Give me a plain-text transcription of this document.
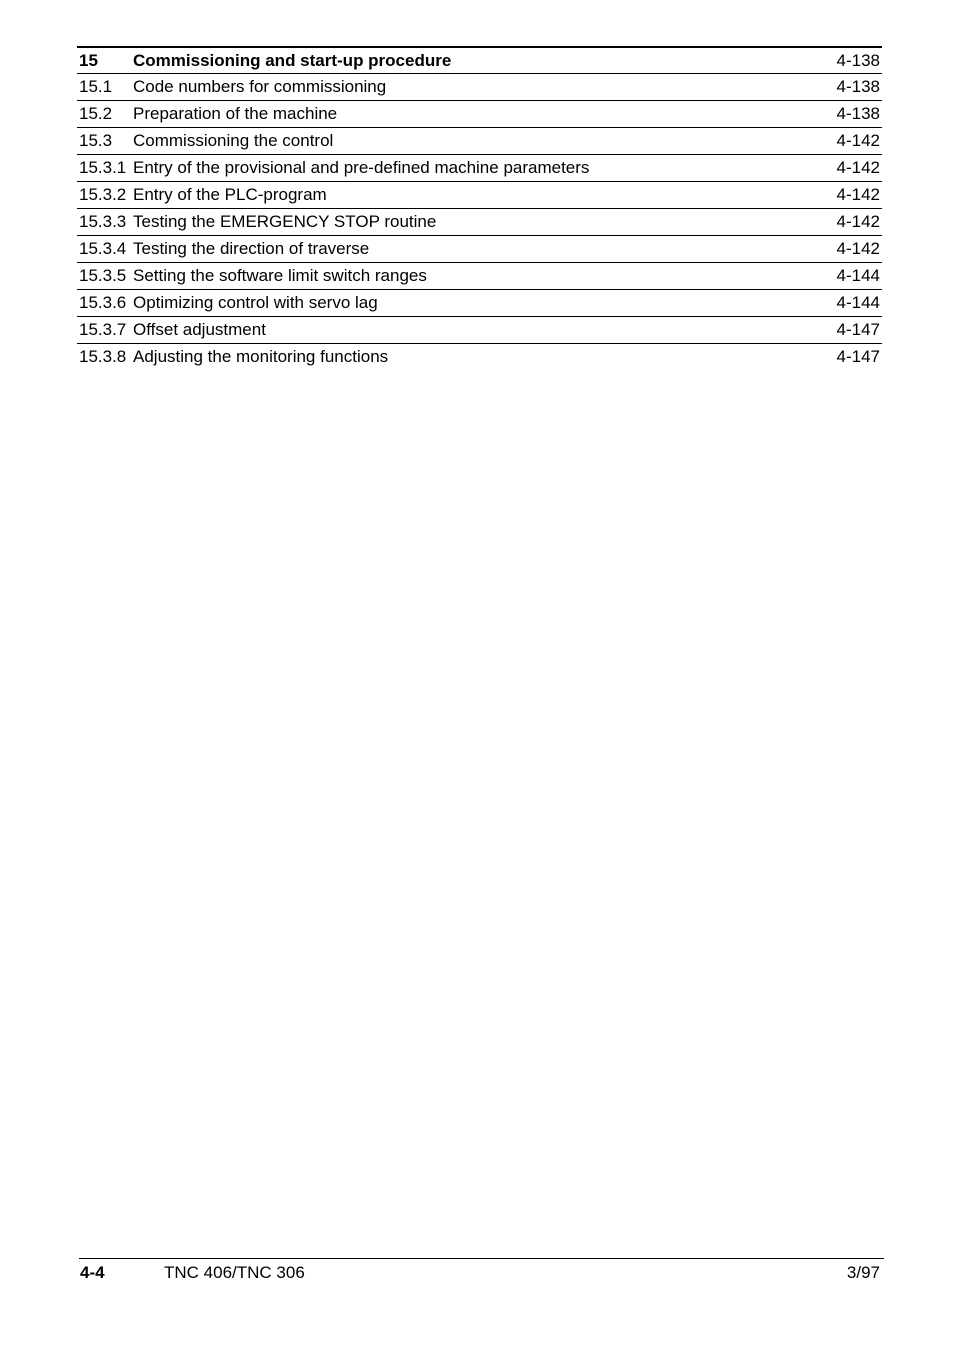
15	Commissioning and start-up procedure	4-138
15.1	Code numbers for commissioning	4-138
15.2	Preparation of the machine	4-138
15.3	Commissioning the control	4-142
15.3.1 Entry of the provisional and pre-defined machine parameters	4-142
15.3.2 Entry of the PLC-program	4-142
15.3.3 Testing the EMERGENCY STOP routine	4-142
15.3.4 Testing the direction of traverse	4-142
15.3.5 Setting the software limit switch ranges	4-144
15.3.6 Optimizing control with servo lag	4-144
15.3.7 Offset adjustment	4-147
15.3.8 Adjusting the monitoring functions	4-147
4-4	TNC 406/TNC 306	3/97
